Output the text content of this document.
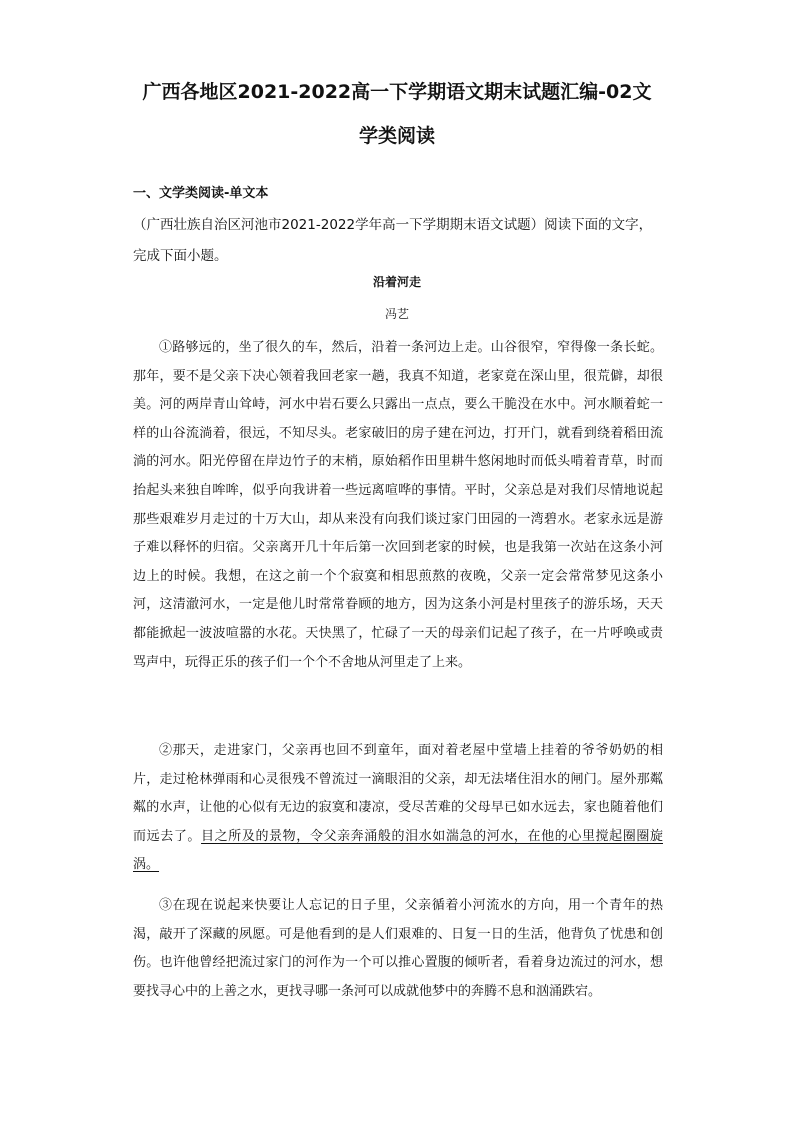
广西各地区2021-2022高一下学期语文期末试题汇编-02文
学类阅读
一、文学类阅读-单文本
（广西壮族自治区河池市2021-2022学年高一下学期期末语文试题）阅读下面的文字，完成下面小题。
沿着河走
冯艺

①路够远的，坐了很久的车，然后，沿着一条河边上走。山谷很窄，窄得像一条长蛇。那年，要不是父亲下决心领着我回老家一趟，我真不知道，老家竟在深山里，很荒僻，却很美。河的两岸青山耸峙，河水中岩石要么只露出一点点，要么干脆没在水中。河水顺着蛇一样的山谷流淌着，很远，不知尽头。老家破旧的房子建在河边，打开门，就看到绕着稻田流淌的河水。阳光停留在岸边竹子的末梢，原始稻作田里耕牛悠闲地时而低头啃着青草，时而抬起头来独自哞哞，似乎向我讲着一些远离喧哗的事情。平时，父亲总是对我们尽情地说起那些艰难岁月走过的十万大山，却从来没有向我们谈过家门田园的一湾碧水。老家永远是游子难以释怀的归宿。父亲离开几十年后第一次回到老家的时候，也是我第一次站在这条小河边上的时候。我想，在这之前一个个寂寞和相思煎熬的夜晚，父亲一定会常常梦见这条小河，这清澈河水，一定是他儿时常常眷顾的地方，因为这条小河是村里孩子的游乐场，天天都能掀起一波波喧嚣的水花。天快黑了，忙碌了一天的母亲们记起了孩子，在一片呼唤或责骂声中，玩得正乐的孩子们一个个不舍地从河里走了上来。

②那天，走进家门，父亲再也回不到童年，面对着老屋中堂墙上挂着的爷爷奶奶的相片，走过枪林弹雨和心灵很残不曾流过一滴眼泪的父亲，却无法堵住泪水的闸门。屋外那粼粼的水声，让他的心似有无边的寂寞和凄凉，受尽苦难的父母早已如水远去，家也随着他们而远去了。目之所及的景物，令父亲奔涌般的泪水如湍急的河水，在他的心里搅起圈圈旋涡。

③在现在说起来快要让人忘记的日子里，父亲循着小河流水的方向，用一个青年的热渴，敲开了深藏的夙愿。可是他看到的是人们艰难的、日复一日的生活，他背负了忧患和创伤。也许他曾经把流过家门的河作为一个可以推心置腹的倾听者，看着身边流过的河水，想要找寻心中的上善之水，更找寻哪一条河可以成就他梦中的奔腾不息和汹涌跌宕。
